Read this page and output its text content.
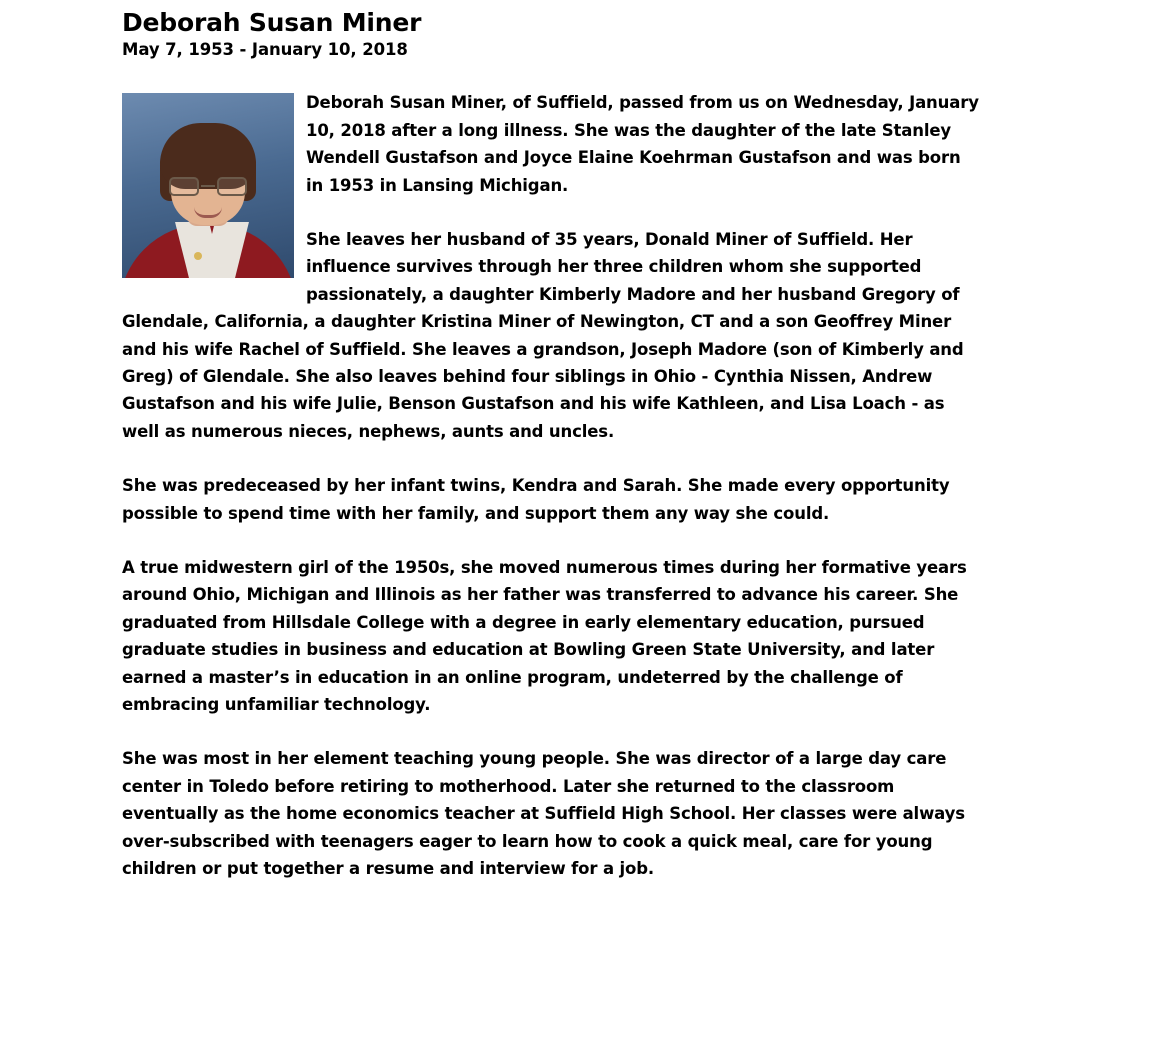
Deborah Susan Miner
May 7, 1953 - January 10, 2018

Deborah Susan Miner, of Suffield, passed from us on Wednesday, January 10, 2018 after a long illness. She was the daughter of the late Stanley Wendell Gustafson and Joyce Elaine Koehrman Gustafson and was born in 1953 in Lansing Michigan.

She leaves her husband of 35 years, Donald Miner of Suffield. Her influence survives through her three children whom she supported passionately, a daughter Kimberly Madore and her husband Gregory of Glendale, California, a daughter Kristina Miner of Newington, CT and a son Geoffrey Miner and his wife Rachel of Suffield. She leaves a grandson, Joseph Madore (son of Kimberly and Greg) of Glendale. She also leaves behind four siblings in Ohio - Cynthia Nissen, Andrew Gustafson and his wife Julie, Benson Gustafson and his wife Kathleen, and Lisa Loach - as well as numerous nieces, nephews, aunts and uncles.

She was predeceased by her infant twins, Kendra and Sarah. She made every opportunity possible to spend time with her family, and support them any way she could.

A true midwestern girl of the 1950s, she moved numerous times during her formative years around Ohio, Michigan and Illinois as her father was transferred to advance his career. She graduated from Hillsdale College with a degree in early elementary education, pursued graduate studies in business and education at Bowling Green State University, and later earned a master’s in education in an online program, undeterred by the challenge of embracing unfamiliar technology.

She was most in her element teaching young people. She was director of a large day care center in Toledo before retiring to motherhood. Later she returned to the classroom eventually as the home economics teacher at Suffield High School. Her classes were always over-subscribed with teenagers eager to learn how to cook a quick meal, care for young children or put together a resume and interview for a job.
